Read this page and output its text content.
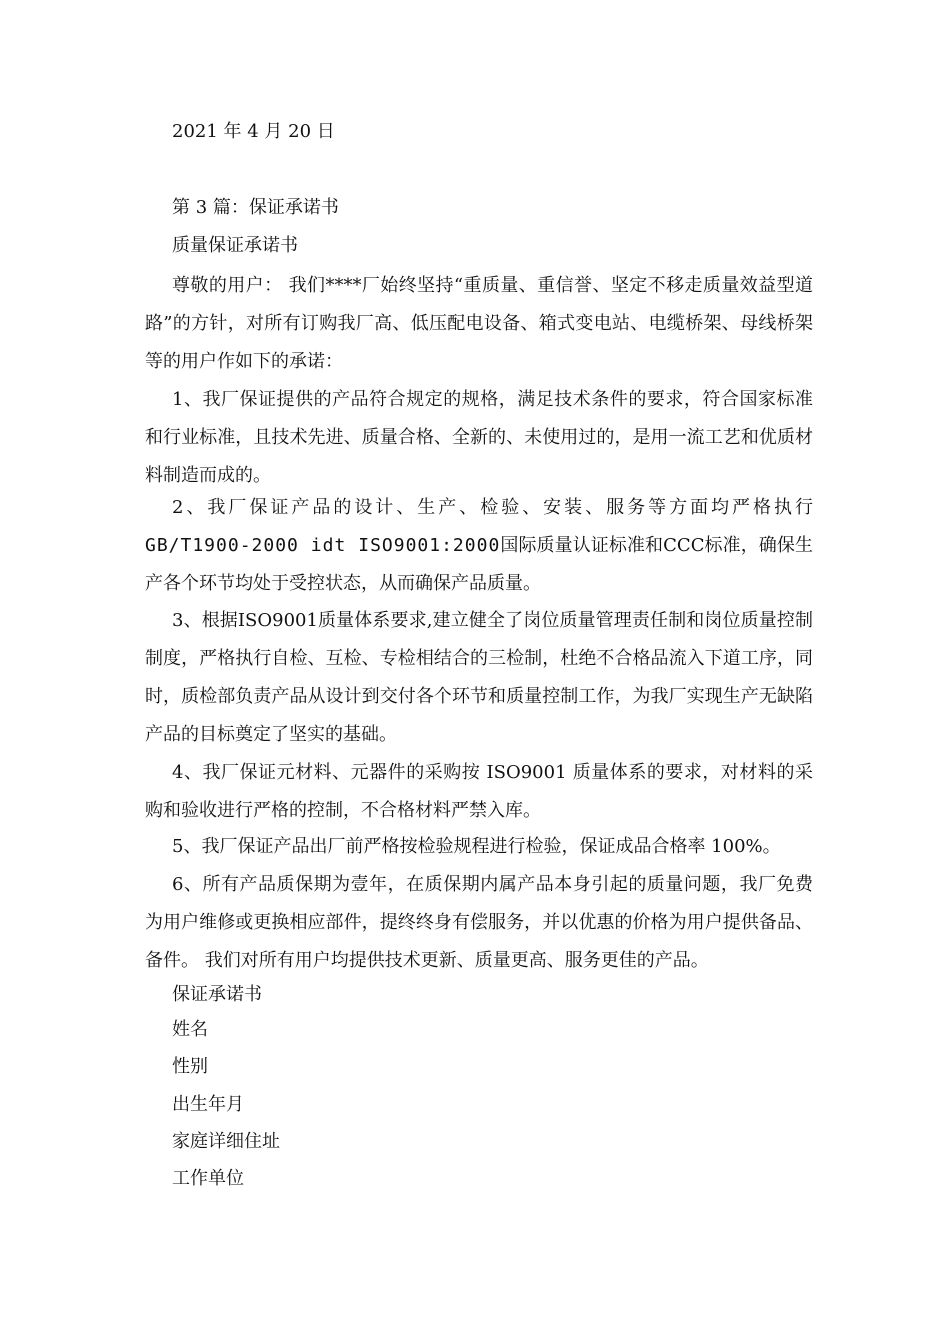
2021 年 4 月 20 日
第 3 篇：保证承诺书
质量保证承诺书
尊敬的用户： 我们****厂始终坚持“重质量、重信誉、坚定不移走质量效益型道路”的方针，对所有订购我厂高、低压配电设备、箱式变电站、电缆桥架、母线桥架等的用户作如下的承诺：
1、我厂保证提供的产品符合规定的规格，满足技术条件的要求，符合国家标准和行业标准，且技术先进、质量合格、全新的、未使用过的，是用一流工艺和优质材料制造而成的。
2、我厂保证产品的设计、生产、检验、安装、服务等方面均严格执行GB/T1900-2000 idt ISO9001:2000国际质量认证标准和CCC标准，确保生产各个环节均处于受控状态，从而确保产品质量。
3、根据ISO9001质量体系要求,建立健全了岗位质量管理责任制和岗位质量控制制度，严格执行自检、互检、专检相结合的三检制，杜绝不合格品流入下道工序，同时，质检部负责产品从设计到交付各个环节和质量控制工作，为我厂实现生产无缺陷产品的目标奠定了坚实的基础。
4、我厂保证元材料、元器件的采购按 ISO9001 质量体系的要求，对材料的采购和验收进行严格的控制，不合格材料严禁入库。
5、我厂保证产品出厂前严格按检验规程进行检验，保证成品合格率 100%。
6、所有产品质保期为壹年，在质保期内属产品本身引起的质量问题，我厂免费为用户维修或更换相应部件，提终终身有偿服务，并以优惠的价格为用户提供备品、备件。 我们对所有用户均提供技术更新、质量更高、服务更佳的产品。
保证承诺书
姓名
性别
出生年月
家庭详细住址
工作单位
